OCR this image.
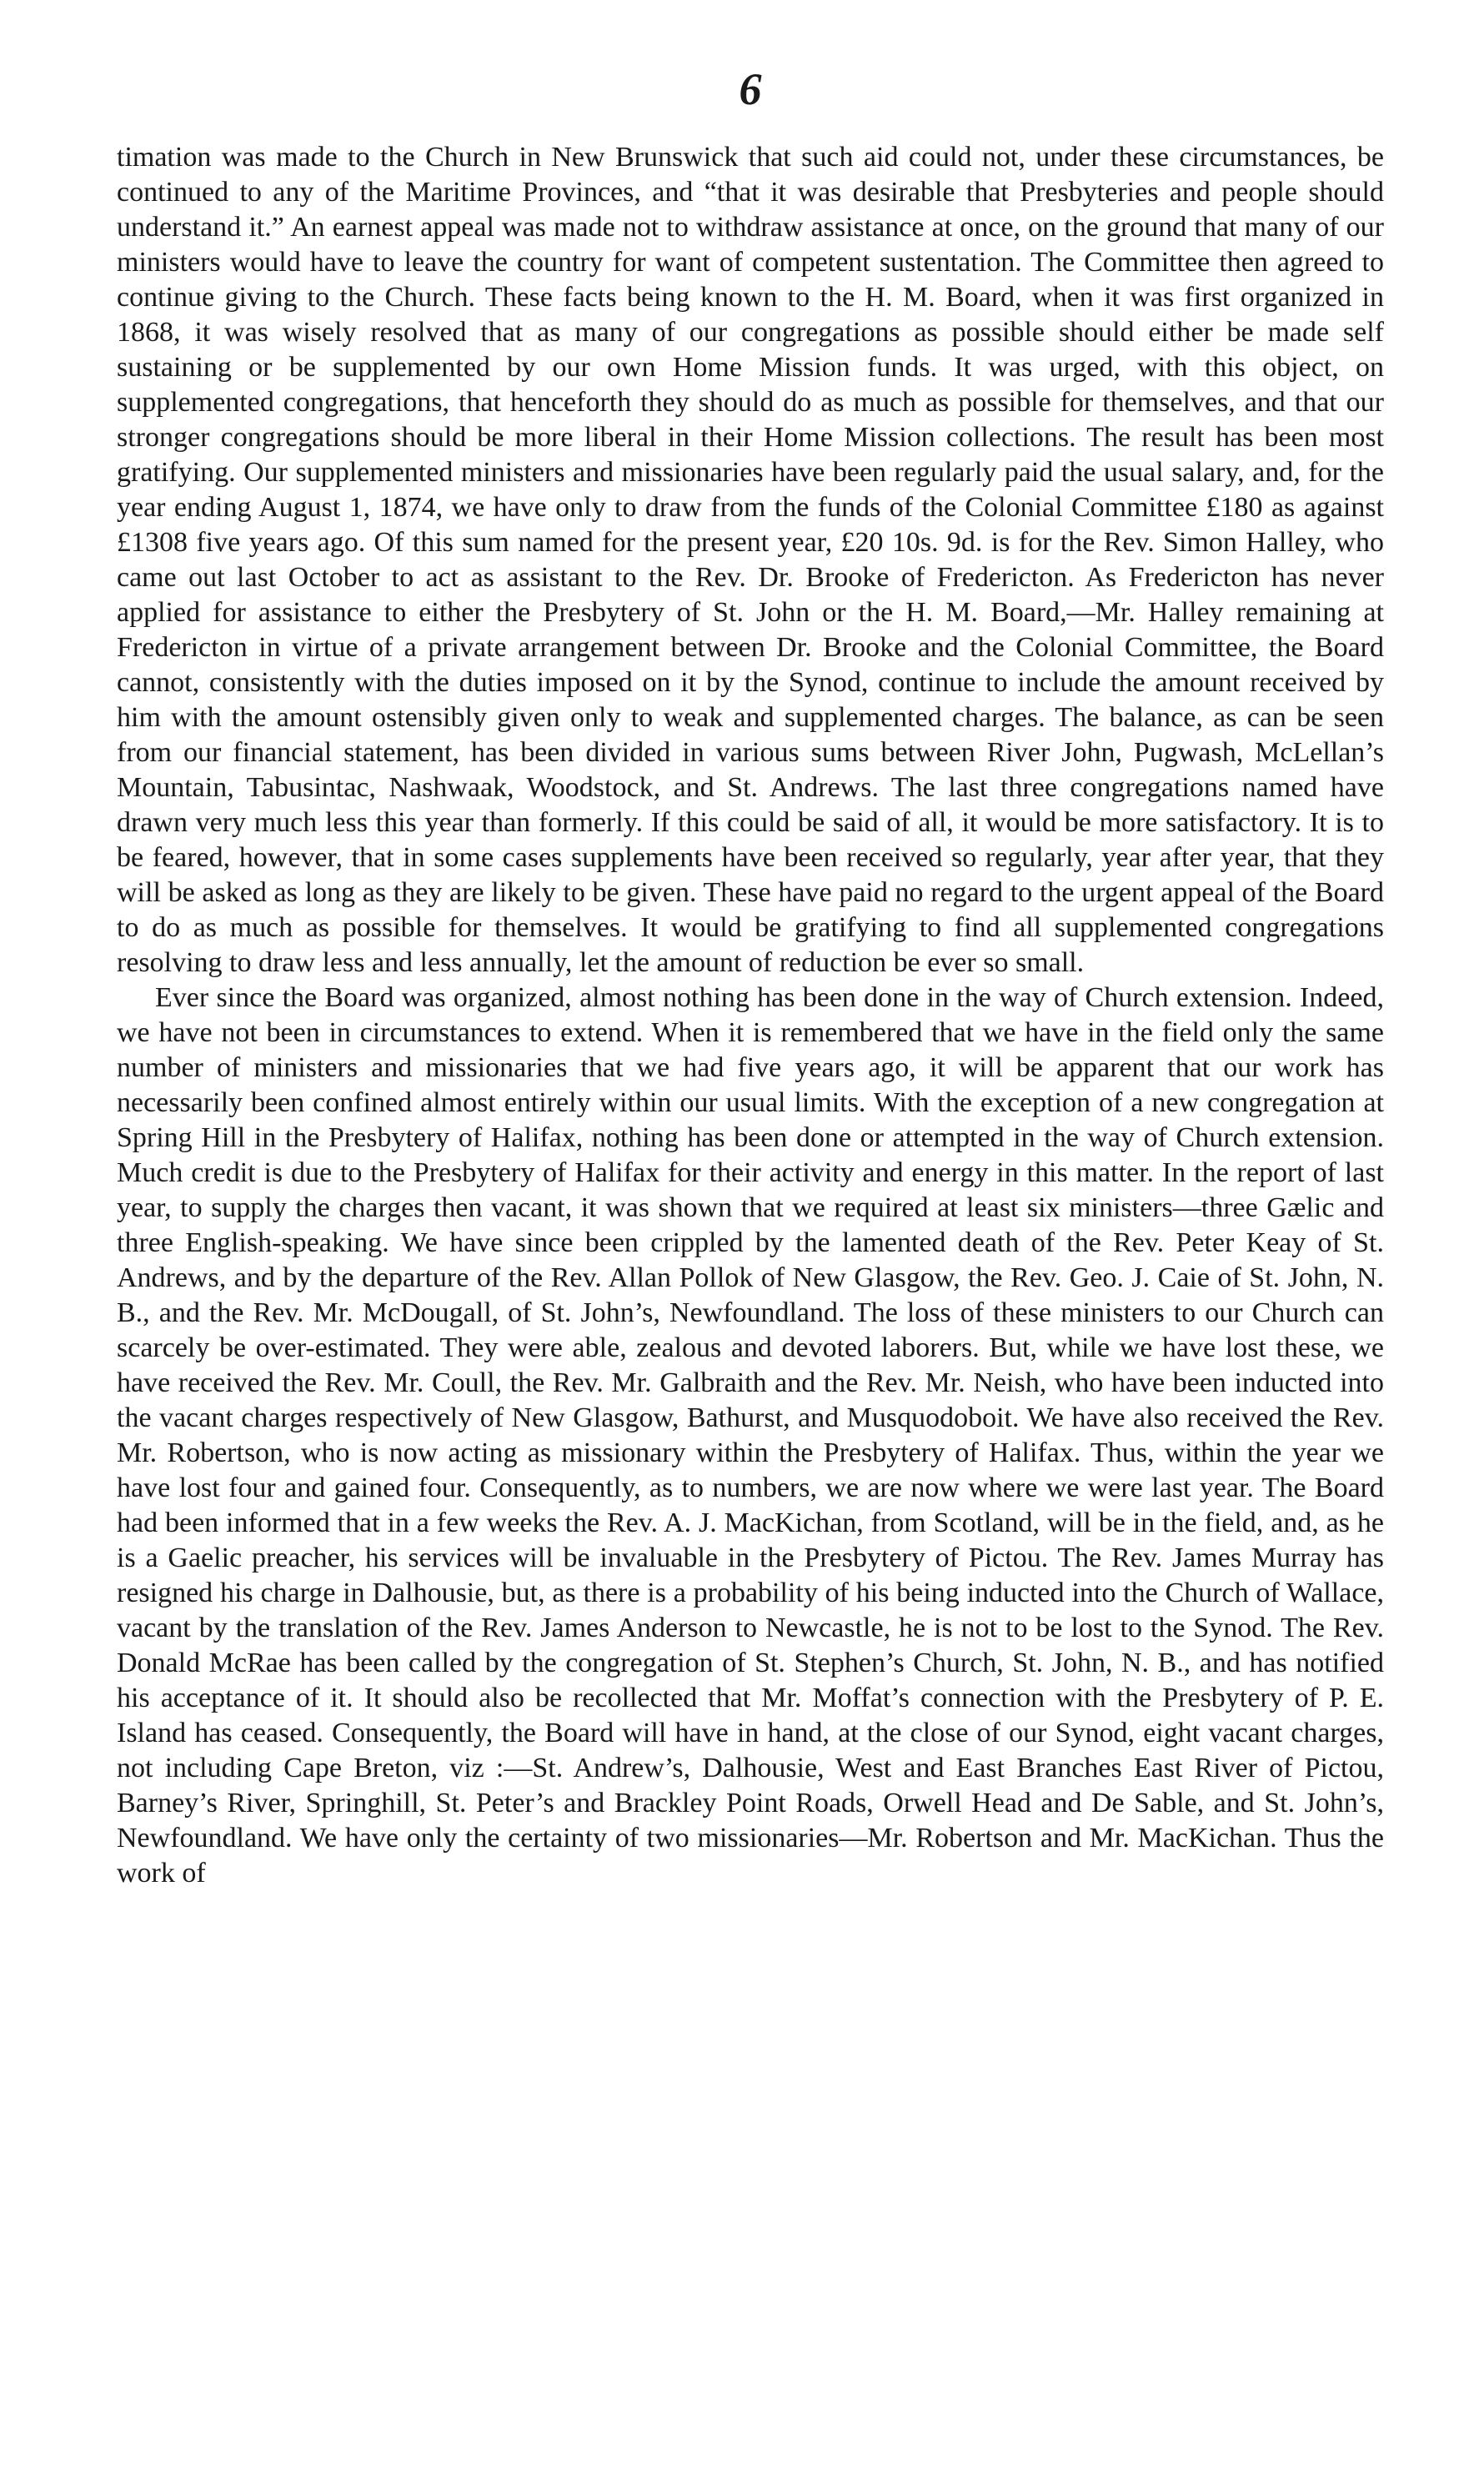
6

timation was made to the Church in New Brunswick that such aid could not, under these circumstances, be continued to any of the Maritime Provinces, and “that it was desirable that Presbyteries and people should understand it.” An earnest appeal was made not to withdraw assistance at once, on the ground that many of our ministers would have to leave the country for want of competent sustentation. The Committee then agreed to continue giving to the Church. These facts being known to the H. M. Board, when it was first organized in 1868, it was wisely resolved that as many of our congregations as possible should either be made self sustaining or be supplemented by our own Home Mission funds. It was urged, with this object, on supplemented congregations, that henceforth they should do as much as possible for themselves, and that our stronger congregations should be more liberal in their Home Mission collections. The result has been most gratifying. Our supplemented ministers and missionaries have been regularly paid the usual salary, and, for the year ending August 1, 1874, we have only to draw from the funds of the Colonial Committee £180 as against £1308 five years ago. Of this sum named for the present year, £20 10s. 9d. is for the Rev. Simon Halley, who came out last October to act as assistant to the Rev. Dr. Brooke of Fredericton. As Fredericton has never applied for assistance to either the Presbytery of St. John or the H. M. Board,—Mr. Halley remaining at Fredericton in virtue of a private arrangement between Dr. Brooke and the Colonial Committee, the Board cannot, consistently with the duties imposed on it by the Synod, continue to include the amount received by him with the amount ostensibly given only to weak and supplemented charges. The balance, as can be seen from our financial statement, has been divided in various sums between River John, Pugwash, McLellan’s Mountain, Tabusintac, Nashwaak, Woodstock, and St. Andrews. The last three congregations named have drawn very much less this year than formerly. If this could be said of all, it would be more satisfactory. It is to be feared, however, that in some cases supplements have been received so regularly, year after year, that they will be asked as long as they are likely to be given. These have paid no regard to the urgent appeal of the Board to do as much as possible for themselves. It would be gratifying to find all supplemented congregations resolving to draw less and less annually, let the amount of reduction be ever so small.

Ever since the Board was organized, almost nothing has been done in the way of Church extension. Indeed, we have not been in circumstances to extend. When it is remembered that we have in the field only the same number of ministers and missionaries that we had five years ago, it will be apparent that our work has necessarily been confined almost entirely within our usual limits. With the exception of a new congregation at Spring Hill in the Presbytery of Halifax, nothing has been done or attempted in the way of Church extension. Much credit is due to the Presbytery of Halifax for their activity and energy in this matter. In the report of last year, to supply the charges then vacant, it was shown that we required at least six ministers—three Gælic and three English-speaking. We have since been crippled by the lamented death of the Rev. Peter Keay of St. Andrews, and by the departure of the Rev. Allan Pollok of New Glasgow, the Rev. Geo. J. Caie of St. John, N. B., and the Rev. Mr. McDougall, of St. John’s, Newfoundland. The loss of these ministers to our Church can scarcely be over-estimated. They were able, zealous and devoted laborers. But, while we have lost these, we have received the Rev. Mr. Coull, the Rev. Mr. Galbraith and the Rev. Mr. Neish, who have been inducted into the vacant charges respectively of New Glasgow, Bathurst, and Musquodoboit. We have also received the Rev. Mr. Robertson, who is now acting as missionary within the Presbytery of Halifax. Thus, within the year we have lost four and gained four. Consequently, as to numbers, we are now where we were last year. The Board had been informed that in a few weeks the Rev. A. J. MacKichan, from Scotland, will be in the field, and, as he is a Gaelic preacher, his services will be invaluable in the Presbytery of Pictou. The Rev. James Murray has resigned his charge in Dalhousie, but, as there is a probability of his being inducted into the Church of Wallace, vacant by the translation of the Rev. James Anderson to Newcastle, he is not to be lost to the Synod. The Rev. Donald McRae has been called by the congregation of St. Stephen’s Church, St. John, N. B., and has notified his acceptance of it. It should also be recollected that Mr. Moffat’s connection with the Presbytery of P. E. Island has ceased. Consequently, the Board will have in hand, at the close of our Synod, eight vacant charges, not including Cape Breton, viz :—St. Andrew’s, Dalhousie, West and East Branches East River of Pictou, Barney’s River, Springhill, St. Peter’s and Brackley Point Roads, Orwell Head and De Sable, and St. John’s, Newfoundland. We have only the certainty of two missionaries—Mr. Robertson and Mr. MacKichan. Thus the work of
